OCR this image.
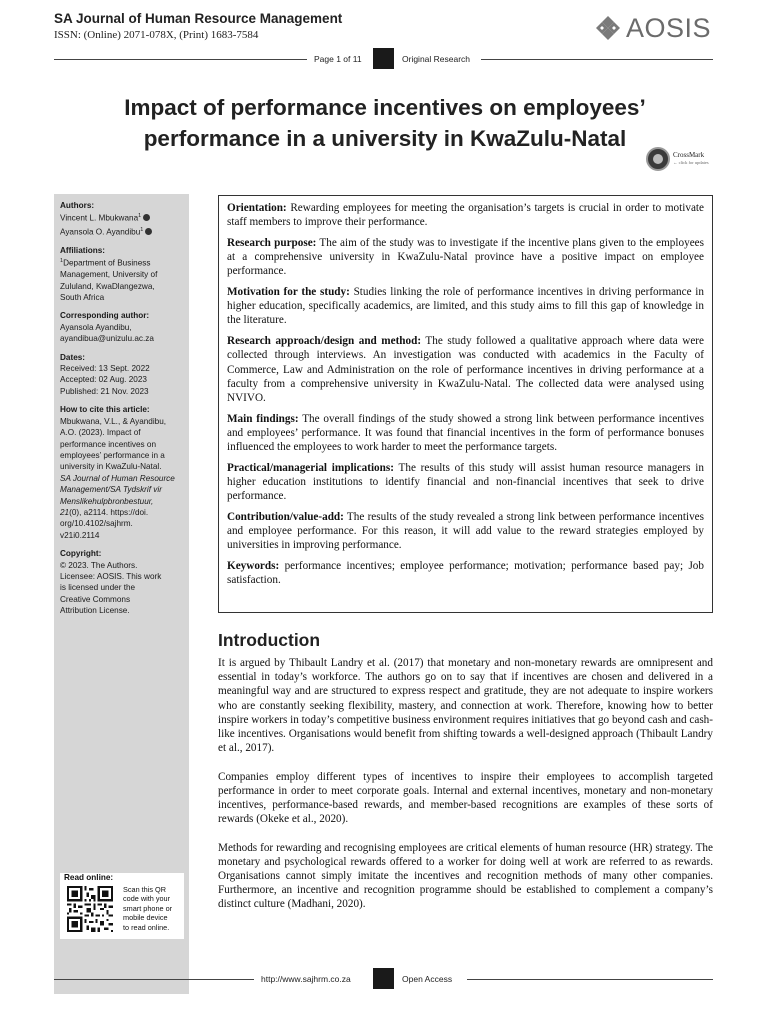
SA Journal of Human Resource Management
ISSN: (Online) 2071-078X, (Print) 1683-7584	AOSIS
Page 1 of 11	Original Research
Impact of performance incentives on employees’
performance in a university in KwaZulu-Natal
CrossMark
← click for updates
Authors:
Vincent L. Mbukwana$^1$
Ayansola O. Ayandibu$^1$
Affiliations:
$^1$Department of Business
Management, University of
Zululand, KwaDlangezwa,
South Africa
Corresponding author:
Ayansola Ayandibu,
ayandibua@unizulu.ac.za
Dates:
Received: 13 Sept. 2022
Accepted: 02 Aug. 2023
Published: 21 Nov. 2023
How to cite this article:
Mbukwana, V.L., & Ayandibu,
A.O. (2023). Impact of
performance incentives on
employees’ performance in a
university in KwaZulu-Natal.
SA Journal of Human Resource
Management/SA Tydskrif vir
Menslikehulpbronbestuur,
21(0), a2114. https://doi.
org/10.4102/sajhrm.
v21i0.2114
Copyright:
© 2023. The Authors.
Licensee: AOSIS. This work
is licensed under the
Creative Commons
Attribution License.
Read online:
Scan this QR
code with your
smart phone or
mobile device
to read online.
Orientation: Rewarding employees for meeting the organisation’s targets is crucial in order to motivate staff members to improve their performance.
Research purpose: The aim of the study was to investigate if the incentive plans given to the employees at a comprehensive university in KwaZulu-Natal province have a positive impact on employee performance.
Motivation for the study: Studies linking the role of performance incentives in driving performance in higher education, specifically academics, are limited, and this study aims to fill this gap of knowledge in the literature.
Research approach/design and method: The study followed a qualitative approach where data were collected through interviews. An investigation was conducted with academics in the Faculty of Commerce, Law and Administration on the role of performance incentives in driving performance at a faculty from a comprehensive university in KwaZulu-Natal. The collected data were analysed using NVIVO.
Main findings: The overall findings of the study showed a strong link between performance incentives and employees’ performance. It was found that financial incentives in the form of performance bonuses influenced the employees to work harder to meet the performance targets.
Practical/managerial implications: The results of this study will assist human resource managers in higher education institutions to identify financial and non-financial incentives that seek to drive performance.
Contribution/value-add: The results of the study revealed a strong link between performance incentives and employee performance. For this reason, it will add value to the reward strategies employed by universities in improving performance.
Keywords: performance incentives; employee performance; motivation; performance based pay; Job satisfaction.
Introduction

It is argued by Thibault Landry et al. (2017) that monetary and non-monetary rewards are omnipresent and essential in today’s workforce. The authors go on to say that if incentives are chosen and delivered in a meaningful way and are structured to express respect and gratitude, they are not adequate to inspire workers who are constantly seeking flexibility, mastery, and connection at work. Therefore, knowing how to better inspire workers in today’s competitive business environment requires initiatives that go beyond cash and cash-like incentives. Organisations would benefit from shifting towards a well-designed approach (Thibault Landry et al., 2017).

Companies employ different types of incentives to inspire their employees to accomplish targeted performance in order to meet corporate goals. Internal and external incentives, monetary and non-monetary incentives, performance-based rewards, and member-based recognitions are examples of these sorts of rewards (Okeke et al., 2020).

Methods for rewarding and recognising employees are critical elements of human resource (HR) strategy. The monetary and psychological rewards offered to a worker for doing well at work are referred to as rewards. Organisations cannot simply imitate the incentives and recognition methods of many other companies. Furthermore, an incentive and recognition programme should be established to complement a company’s distinct culture (Madhani, 2020).

http://www.sajhrm.co.za	Open Access
